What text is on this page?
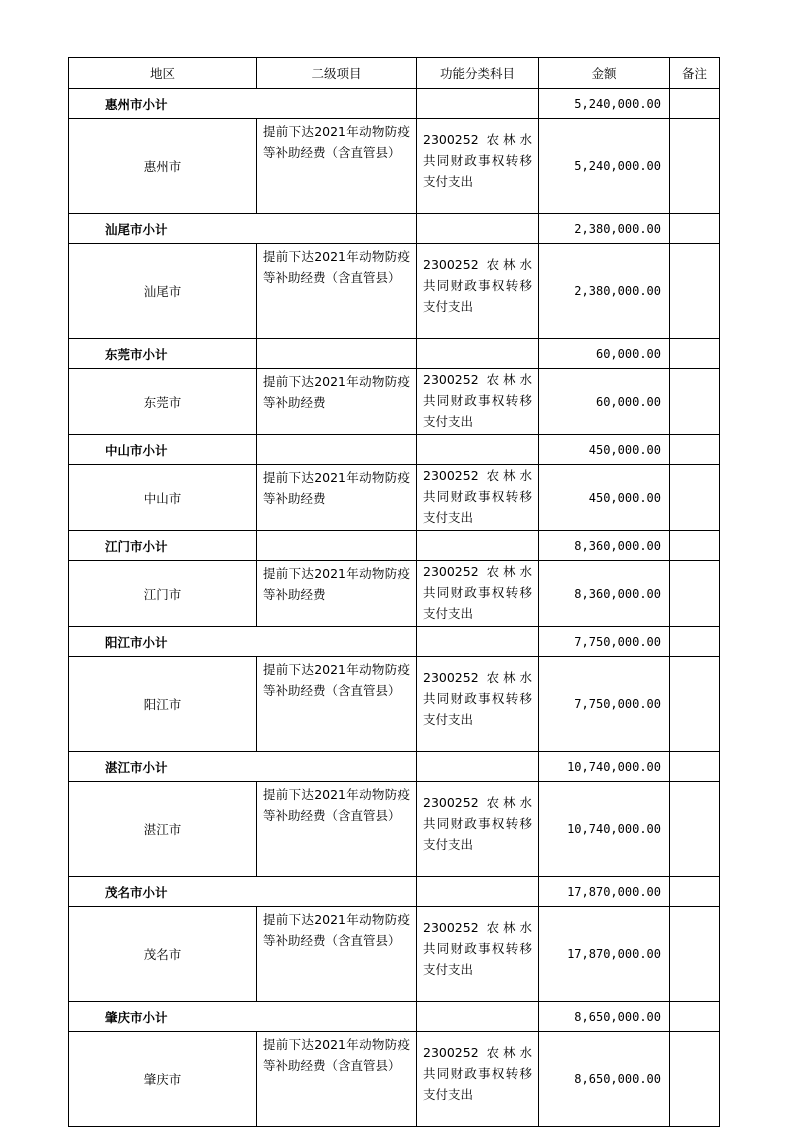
地区	二级项目	功能分类科目	金额	备注
惠州市小计			5,240,000.00	
惠州市	提前下达2021年动物防疫等补助经费（含直管县）	2300252 农林水共同财政事权转移支付支出	5,240,000.00	
汕尾市小计			2,380,000.00	
汕尾市	提前下达2021年动物防疫等补助经费（含直管县）	2300252 农林水共同财政事权转移支付支出	2,380,000.00	
东莞市小计			60,000.00	
东莞市	提前下达2021年动物防疫等补助经费	2300252 农林水共同财政事权转移支付支出	60,000.00	
中山市小计			450,000.00	
中山市	提前下达2021年动物防疫等补助经费	2300252 农林水共同财政事权转移支付支出	450,000.00	
江门市小计			8,360,000.00	
江门市	提前下达2021年动物防疫等补助经费	2300252 农林水共同财政事权转移支付支出	8,360,000.00	
阳江市小计			7,750,000.00	
阳江市	提前下达2021年动物防疫等补助经费（含直管县）	2300252 农林水共同财政事权转移支付支出	7,750,000.00	
湛江市小计			10,740,000.00	
湛江市	提前下达2021年动物防疫等补助经费（含直管县）	2300252 农林水共同财政事权转移支付支出	10,740,000.00	
茂名市小计			17,870,000.00	
茂名市	提前下达2021年动物防疫等补助经费（含直管县）	2300252 农林水共同财政事权转移支付支出	17,870,000.00	
肇庆市小计			8,650,000.00	
肇庆市	提前下达2021年动物防疫等补助经费（含直管县）	2300252 农林水共同财政事权转移支付支出	8,650,000.00	
